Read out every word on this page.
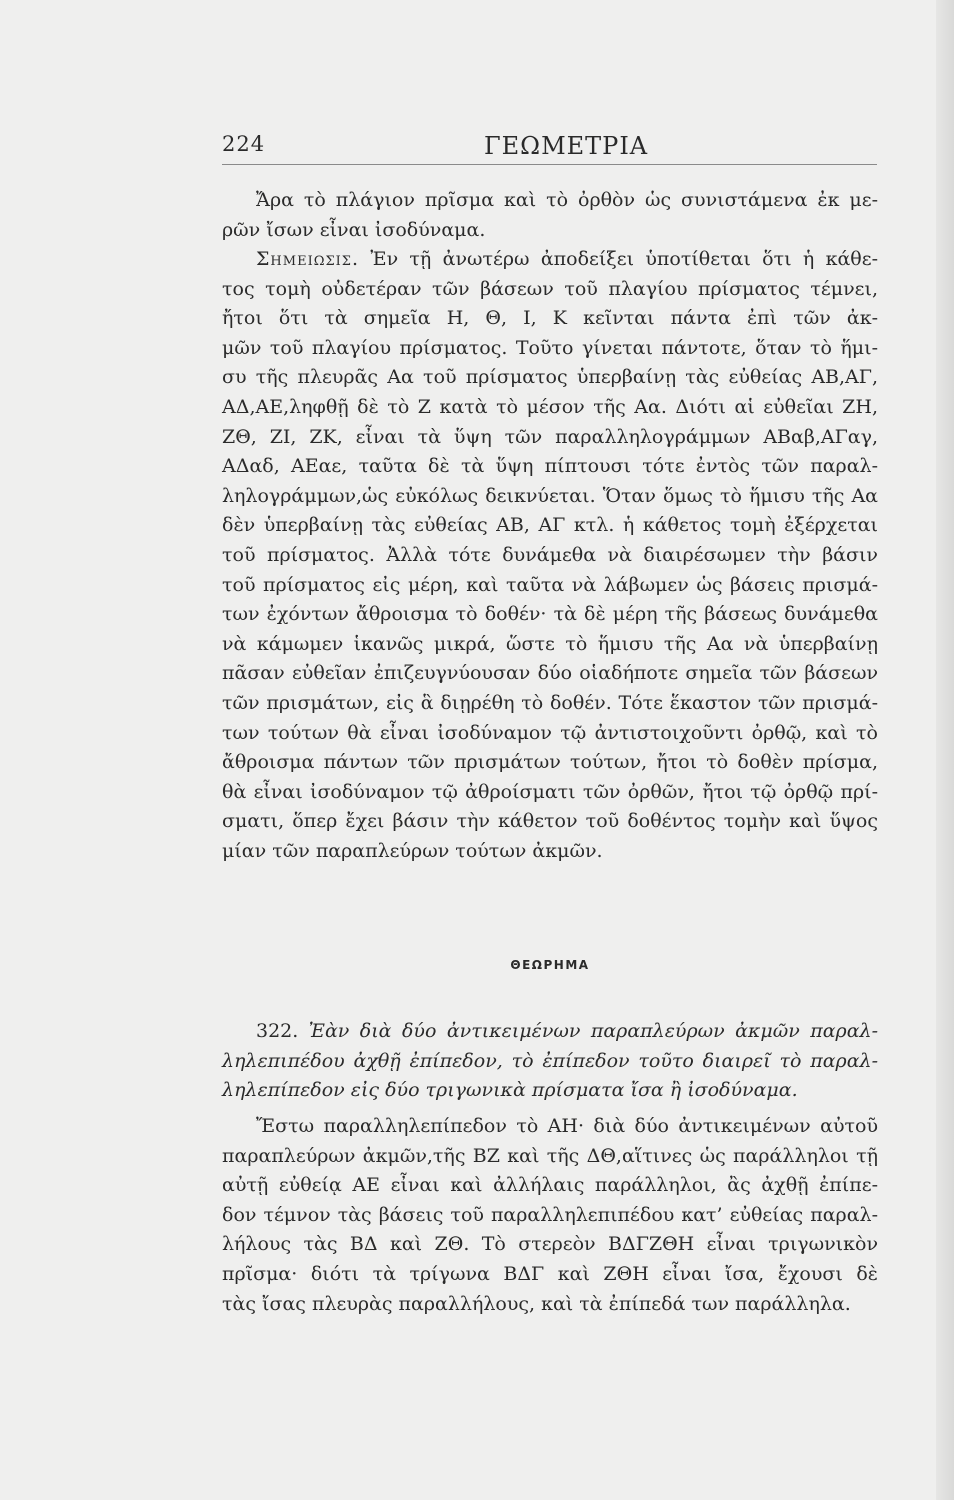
224	ΓΕΩΜΕΤΡΙΑ
Ἄρα τὸ πλάγιον πρῖσμα καὶ τὸ ὀρθὸν ὡς συνιστάμενα ἐκ με-
ρῶν ἴσων εἶναι ἰσοδύναμα.
Σημειωσις. Ἐν τῇ ἀνωτέρω ἀποδείξει ὑποτίθεται ὅτι ἡ κάθε-
τος τομὴ οὐδετέραν τῶν βάσεων τοῦ πλαγίου πρίσματος τέμνει,
ἤτοι ὅτι τὰ σημεῖα Η, Θ, Ι, Κ κεῖνται πάντα ἐπὶ τῶν ἀκ-
μῶν τοῦ πλαγίου πρίσματος. Τοῦτο γίνεται πάντοτε, ὅταν τὸ ἥμι-
συ τῆς πλευρᾶς Αα τοῦ πρίσματος ὑπερβαίνῃ τὰς εὐθείας ΑΒ,ΑΓ,
ΑΔ,ΑΕ,ληφθῇ δὲ τὸ Ζ κατὰ τὸ μέσον τῆς Αα. Διότι αἱ εὐθεῖαι ΖΗ,
ΖΘ, ΖΙ, ΖΚ, εἶναι τὰ ὕψη τῶν παραλληλογράμμων ΑΒαβ,ΑΓαγ,
ΑΔαδ, ΑΕαε, ταῦτα δὲ τὰ ὕψη πίπτουσι τότε ἐντὸς τῶν παραλ-
ληλογράμμων,ὡς εὐκόλως δεικνύεται. Ὅταν ὅμως τὸ ἥμισυ τῆς Αα
δὲν ὑπερβαίνῃ τὰς εὐθείας ΑΒ, ΑΓ κτλ. ἡ κάθετος τομὴ ἐξέρχεται
τοῦ πρίσματος. Ἀλλὰ τότε δυνάμεθα νὰ διαιρέσωμεν τὴν βάσιν
τοῦ πρίσματος εἰς μέρη, καὶ ταῦτα νὰ λάβωμεν ὡς βάσεις πρισμά-
των ἐχόντων ἄθροισμα τὸ δοθέν· τὰ δὲ μέρη τῆς βάσεως δυνάμεθα
νὰ κάμωμεν ἱκανῶς μικρά, ὥστε τὸ ἥμισυ τῆς Αα νὰ ὑπερβαίνῃ
πᾶσαν εὐθεῖαν ἐπιζευγνύουσαν δύο οἱαδήποτε σημεῖα τῶν βάσεων
τῶν πρισμάτων, εἰς ἃ διῃρέθη τὸ δοθέν. Τότε ἕκαστον τῶν πρισμά-
των τούτων θὰ εἶναι ἰσοδύναμον τῷ ἀντιστοιχοῦντι ὀρθῷ, καὶ τὸ
ἄθροισμα πάντων τῶν πρισμάτων τούτων, ἤτοι τὸ δοθὲν πρίσμα,
θὰ εἶναι ἰσοδύναμον τῷ ἀθροίσματι τῶν ὀρθῶν, ἤτοι τῷ ὀρθῷ πρί-
σματι, ὅπερ ἔχει βάσιν τὴν κάθετον τοῦ δοθέντος τομὴν καὶ ὕψος
μίαν τῶν παραπλεύρων τούτων ἀκμῶν.
ΘΕΩΡΗΜΑ
322. Ἐὰν διὰ δύο ἀντικειμένων παραπλεύρων ἀκμῶν παραλ-
ληλεπιπέδου ἀχθῇ ἐπίπεδον, τὸ ἐπίπεδον τοῦτο διαιρεῖ τὸ παραλ-
ληλεπίπεδον εἰς δύο τριγωνικὰ πρίσματα ἴσα ἢ ἰσοδύναμα.
Ἔστω παραλληλεπίπεδον τὸ ΑΗ· διὰ δύο ἀντικειμένων αὐτοῦ
παραπλεύρων ἀκμῶν,τῆς ΒΖ καὶ τῆς ΔΘ,αἵτινες ὡς παράλληλοι τῇ
αὐτῇ εὐθείᾳ ΑΕ εἶναι καὶ ἀλλήλαις παράλληλοι, ἂς ἀχθῇ ἐπίπε-
δον τέμνον τὰς βάσεις τοῦ παραλληλεπιπέδου κατ’ εὐθείας παραλ-
λήλους τὰς ΒΔ καὶ ΖΘ. Τὸ στερεὸν ΒΔΓΖΘΗ εἶναι τριγωνικὸν
πρῖσμα· διότι τὰ τρίγωνα ΒΔΓ καὶ ΖΘΗ εἶναι ἴσα, ἔχουσι δὲ
τὰς ἴσας πλευρὰς παραλλήλους, καὶ τὰ ἐπίπεδά των παράλληλα.
